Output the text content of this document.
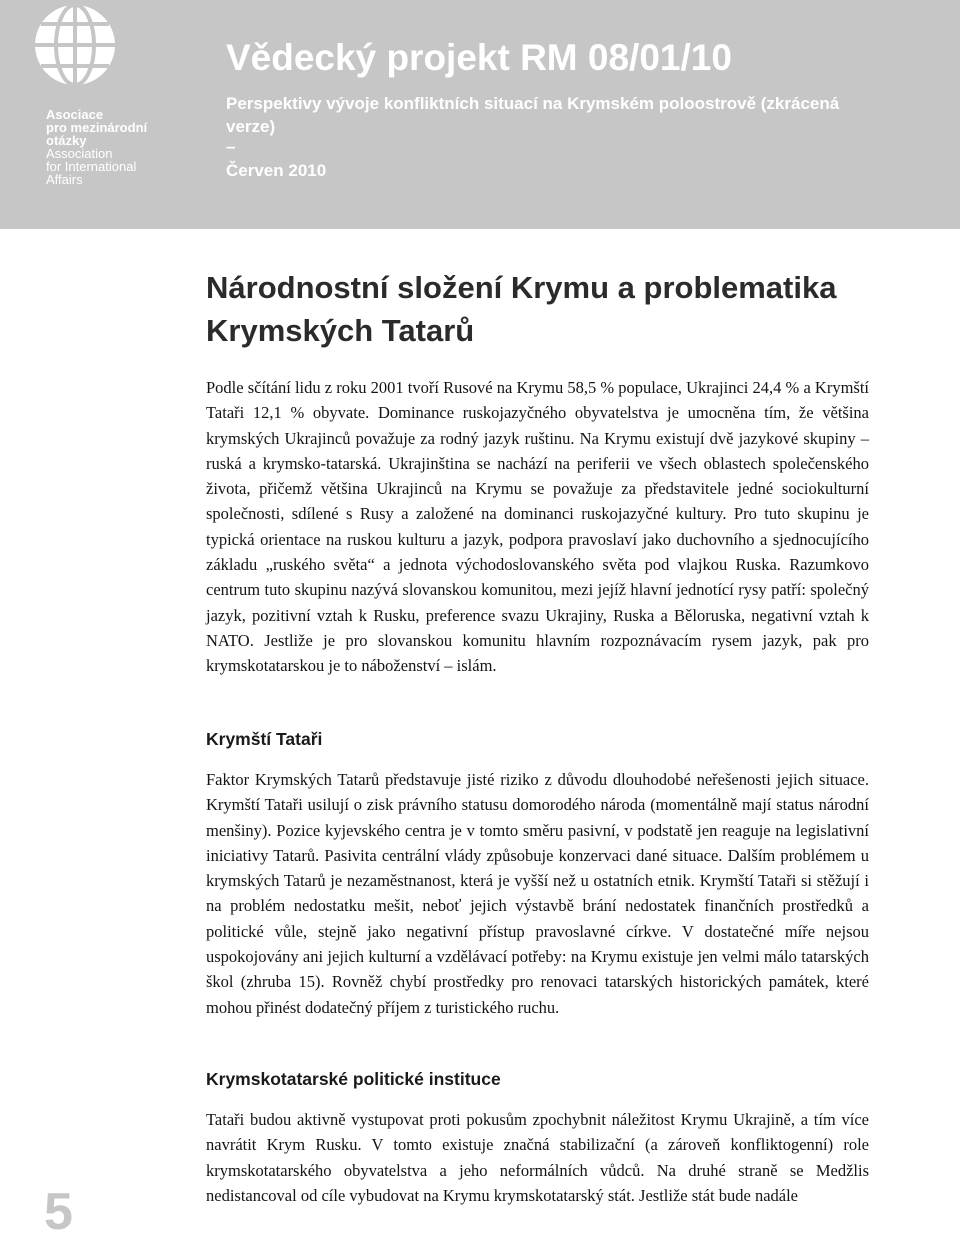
Asociace
pro mezinárodní
otázky
Association
for International
Affairs
Vědecký projekt RM 08/01/10
Perspektivy vývoje konfliktních situací na Krymském poloostrově (zkrácená verze)
–
Červen 2010
Národnostní složení Krymu a problematika Krymských Tatarů

Podle sčítání lidu z roku 2001 tvoří Rusové na Krymu 58,5 % populace, Ukrajinci 24,4 % a Krymští Tataři 12,1 % obyvate. Dominance ruskojazyčného obyvatelstva je umocněna tím, že většina krymských Ukrajinců považuje za rodný jazyk ruštinu. Na Krymu existují dvě jazykové skupiny – ruská a krymsko-tatarská. Ukrajinština se nachází na periferii ve všech oblastech společenského života, přičemž většina Ukrajinců na Krymu se považuje za představitele jedné sociokulturní společnosti, sdílené s Rusy a založené na dominanci ruskojazyčné kultury. Pro tuto skupinu je typická orientace na ruskou kulturu a jazyk, podpora pravoslaví jako duchovního a sjednocujícího základu „ruského světa“ a jednota východoslovanského světa pod vlajkou Ruska. Razumkovo centrum tuto skupinu nazývá slovanskou komunitou, mezi jejíž hlavní jednotící rysy patří: společný jazyk, pozitivní vztah k Rusku, preference svazu Ukrajiny, Ruska a Běloruska, negativní vztah k NATO. Jestliže je pro slovanskou komunitu hlavním rozpoznávacím rysem jazyk, pak pro krymskotatarskou je to náboženství – islám.

Krymští Tataři

Faktor Krymských Tatarů představuje jisté riziko z důvodu dlouhodobé neřešenosti jejich situace. Krymští Tataři usilují o zisk právního statusu domorodého národa (momentálně mají status národní menšiny). Pozice kyjevského centra je v tomto směru pasivní, v podstatě jen reaguje na legislativní iniciativy Tatarů. Pasivita centrální vlády způsobuje konzervaci dané situace. Dalším problémem u krymských Tatarů je nezaměstnanost, která je vyšší než u ostatních etnik. Krymští Tataři si stěžují i na problém nedostatku mešit, neboť jejich výstavbě brání nedostatek finančních prostředků a politické vůle, stejně jako negativní přístup pravoslavné církve. V dostatečné míře nejsou uspokojovány ani jejich kulturní a vzdělávací potřeby: na Krymu existuje jen velmi málo tatarských škol (zhruba 15). Rovněž chybí prostředky pro renovaci tatarských historických památek, které mohou přinést dodatečný příjem z turistického ruchu.

Krymskotatarské politické instituce

Tataři budou aktivně vystupovat proti pokusům zpochybnit náležitost Krymu Ukrajině, a tím více navrátit Krym Rusku. V tomto existuje značná stabilizační (a zároveň konfliktogenní) role krymskotatarského obyvatelstva a jeho neformálních vůdců. Na druhé straně se Medžlis nedistancoval od cíle vybudovat na Krymu krymskotatarský stát. Jestliže stát bude nadále

5
